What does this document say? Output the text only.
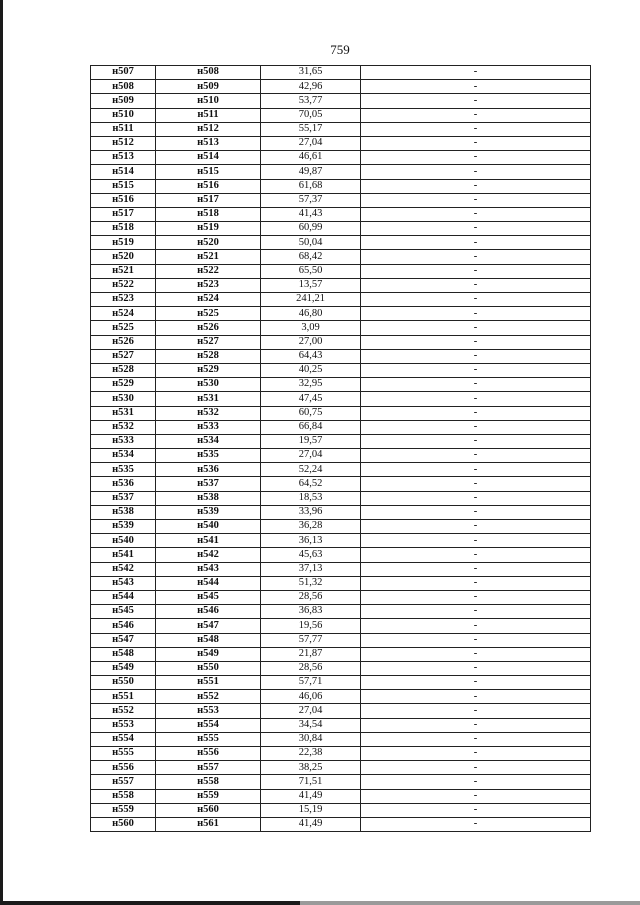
759
н507	н508	31,65	-
н508	н509	42,96	-
н509	н510	53,77	-
н510	н511	70,05	-
н511	н512	55,17	-
н512	н513	27,04	-
н513	н514	46,61	-
н514	н515	49,87	-
н515	н516	61,68	-
н516	н517	57,37	-
н517	н518	41,43	-
н518	н519	60,99	-
н519	н520	50,04	-
н520	н521	68,42	-
н521	н522	65,50	-
н522	н523	13,57	-
н523	н524	241,21	-
н524	н525	46,80	-
н525	н526	3,09	-
н526	н527	27,00	-
н527	н528	64,43	-
н528	н529	40,25	-
н529	н530	32,95	-
н530	н531	47,45	-
н531	н532	60,75	-
н532	н533	66,84	-
н533	н534	19,57	-
н534	н535	27,04	-
н535	н536	52,24	-
н536	н537	64,52	-
н537	н538	18,53	-
н538	н539	33,96	-
н539	н540	36,28	-
н540	н541	36,13	-
н541	н542	45,63	-
н542	н543	37,13	-
н543	н544	51,32	-
н544	н545	28,56	-
н545	н546	36,83	-
н546	н547	19,56	-
н547	н548	57,77	-
н548	н549	21,87	-
н549	н550	28,56	-
н550	н551	57,71	-
н551	н552	46,06	-
н552	н553	27,04	-
н553	н554	34,54	-
н554	н555	30,84	-
н555	н556	22,38	-
н556	н557	38,25	-
н557	н558	71,51	-
н558	н559	41,49	-
н559	н560	15,19	-
н560	н561	41,49	-
